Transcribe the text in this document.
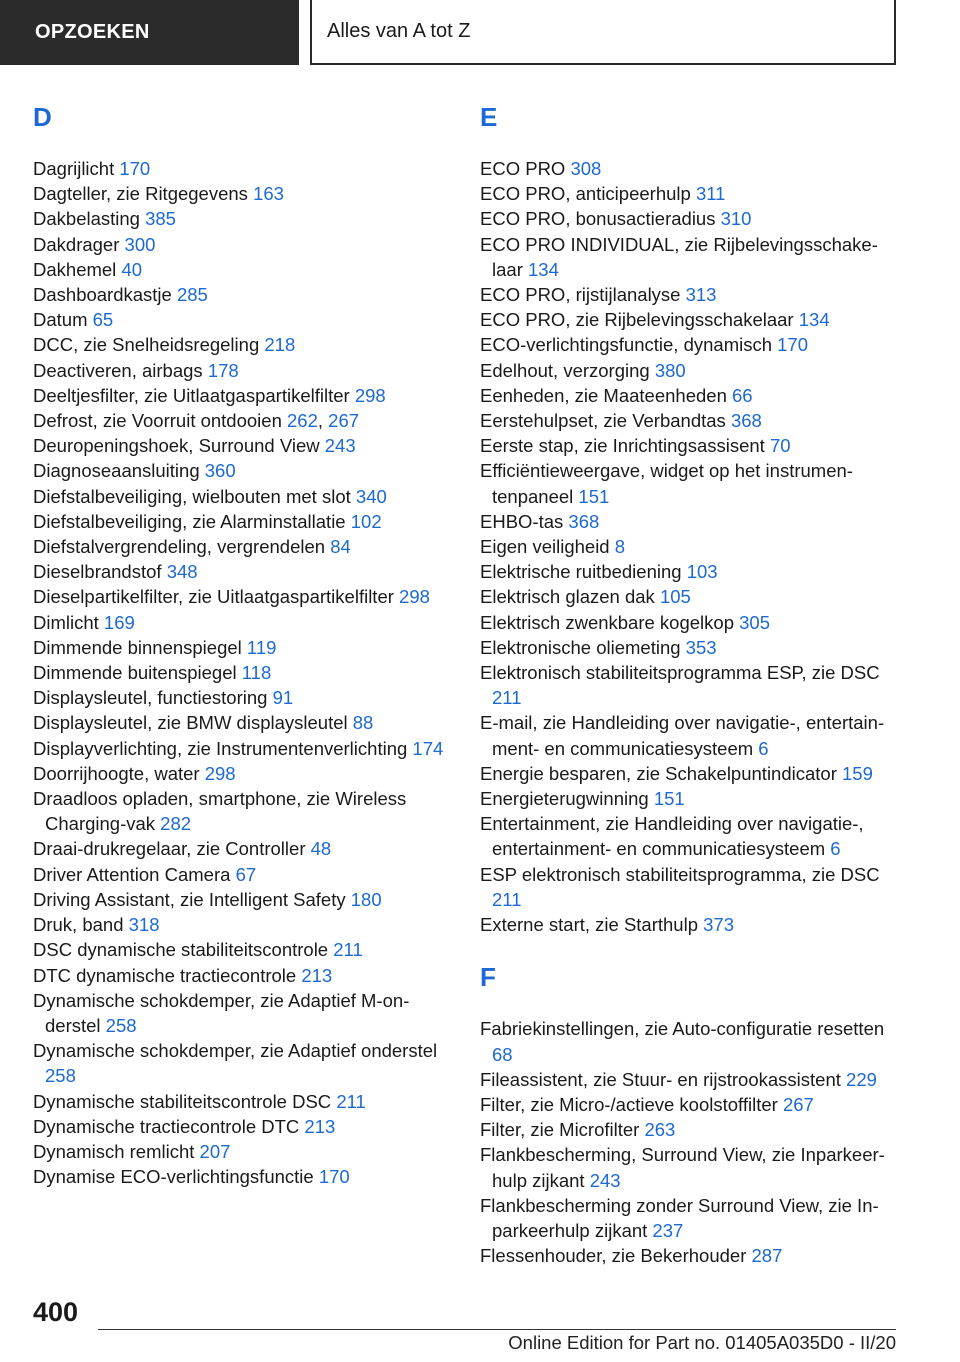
OPZOEKEN	Alles van A tot Z
D
Dagrijlicht 170
Dagteller, zie Ritgegevens 163
Dakbelasting 385
Dakdrager 300
Dakhemel 40
Dashboardkastje 285
Datum 65
DCC, zie Snelheidsregeling 218
Deactiveren, airbags 178
Deeltjesfilter, zie Uitlaatgaspartikelfilter 298
Defrost, zie Voorruit ontdooien 262, 267
Deuropeningshoek, Surround View 243
Diagnoseaansluiting 360
Diefstalbeveiliging, wielbouten met slot 340
Diefstalbeveiliging, zie Alarminstallatie 102
Diefstalvergrendeling, vergrendelen 84
Dieselbrandstof 348
Dieselpartikelfilter, zie Uitlaatgaspartikelfilter 298
Dimlicht 169
Dimmende binnenspiegel 119
Dimmende buitenspiegel 118
Displaysleutel, functiestoring 91
Displaysleutel, zie BMW displaysleutel 88
Displayverlichting, zie Instrumentenverlichting 174
Doorrijhoogte, water 298
Draadloos opladen, smartphone, zie Wireless Charging-vak 282
Draai-drukregelaar, zie Controller 48
Driver Attention Camera 67
Driving Assistant, zie Intelligent Safety 180
Druk, band 318
DSC dynamische stabiliteitscontrole 211
DTC dynamische tractiecontrole 213
Dynamische schokdemper, zie Adaptief M-onderstel 258
Dynamische schokdemper, zie Adaptief onderstel 258
Dynamische stabiliteitscontrole DSC 211
Dynamische tractiecontrole DTC 213
Dynamisch remlicht 207
Dynamise ECO-verlichtingsfunctie 170
E
ECO PRO 308
ECO PRO, anticipeerhulp 311
ECO PRO, bonusactieradius 310
ECO PRO INDIVIDUAL, zie Rijbelevingsschakelaar 134
ECO PRO, rijstijlanalyse 313
ECO PRO, zie Rijbelevingsschakelaar 134
ECO-verlichtingsfunctie, dynamisch 170
Edelhout, verzorging 380
Eenheden, zie Maateenheden 66
Eerstehulpset, zie Verbandtas 368
Eerste stap, zie Inrichtingsassisent 70
Efficiëntieweergave, widget op het instrumentenpaneel 151
EHBO-tas 368
Eigen veiligheid 8
Elektrische ruitbediening 103
Elektrisch glazen dak 105
Elektrisch zwenkbare kogelkop 305
Elektronische oliemeting 353
Elektronisch stabiliteitsprogramma ESP, zie DSC 211
E-mail, zie Handleiding over navigatie-, entertainment- en communicatiesysteem 6
Energie besparen, zie Schakelpuntindicator 159
Energieterugwinning 151
Entertainment, zie Handleiding over navigatie-, entertainment- en communicatiesysteem 6
ESP elektronisch stabiliteitsprogramma, zie DSC 211
Externe start, zie Starthulp 373
F
Fabriekinstellingen, zie Auto-configuratie resetten 68
Fileassistent, zie Stuur- en rijstrookassistent 229
Filter, zie Micro-/actieve koolstoffilter 267
Filter, zie Microfilter 263
Flankbescherming, Surround View, zie Inparkeerhulp zijkant 243
Flankbescherming zonder Surround View, zie Inparkeerhulp zijkant 237
Flessenhouder, zie Bekerhouder 287
400
Online Edition for Part no. 01405A035D0 - II/20
